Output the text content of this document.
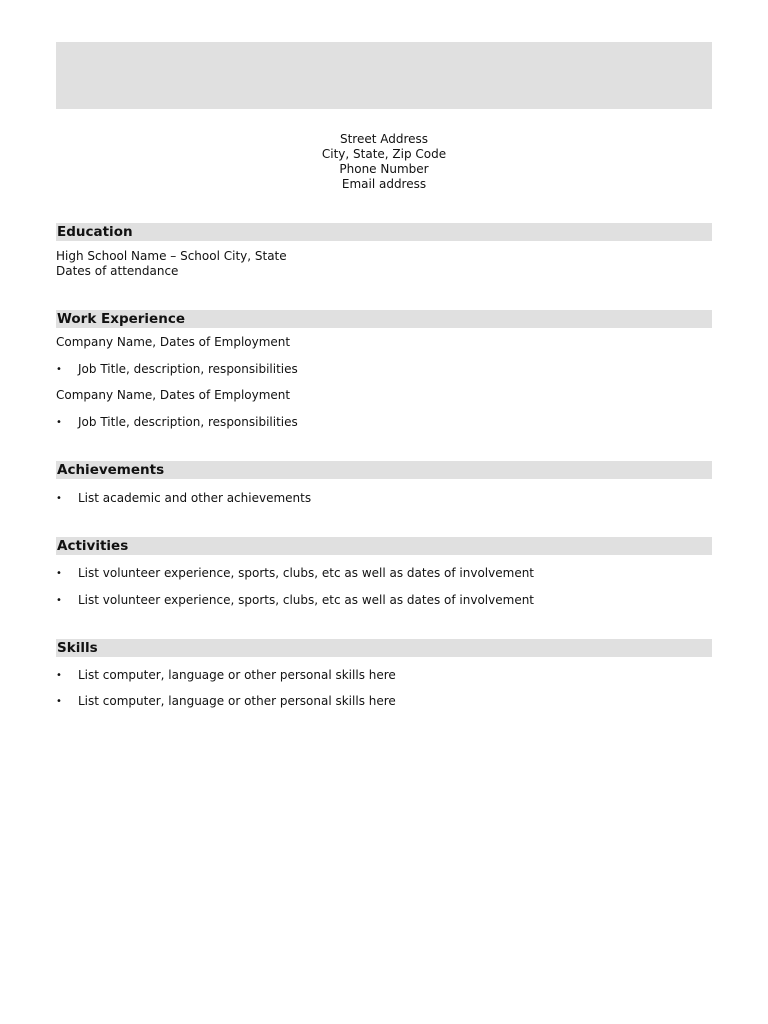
Street Address
City, State, Zip Code
Phone Number
Email address
Education
High School Name – School City, State
Dates of attendance
Work Experience
Company Name, Dates of Employment
•	Job Title, description, responsibilities
Company Name, Dates of Employment
•	Job Title, description, responsibilities
Achievements
•	List academic and other achievements
Activities
•	List volunteer experience, sports, clubs, etc as well as dates of involvement
•	List volunteer experience, sports, clubs, etc as well as dates of involvement
Skills
•	List computer, language or other personal skills here
•	List computer, language or other personal skills here
